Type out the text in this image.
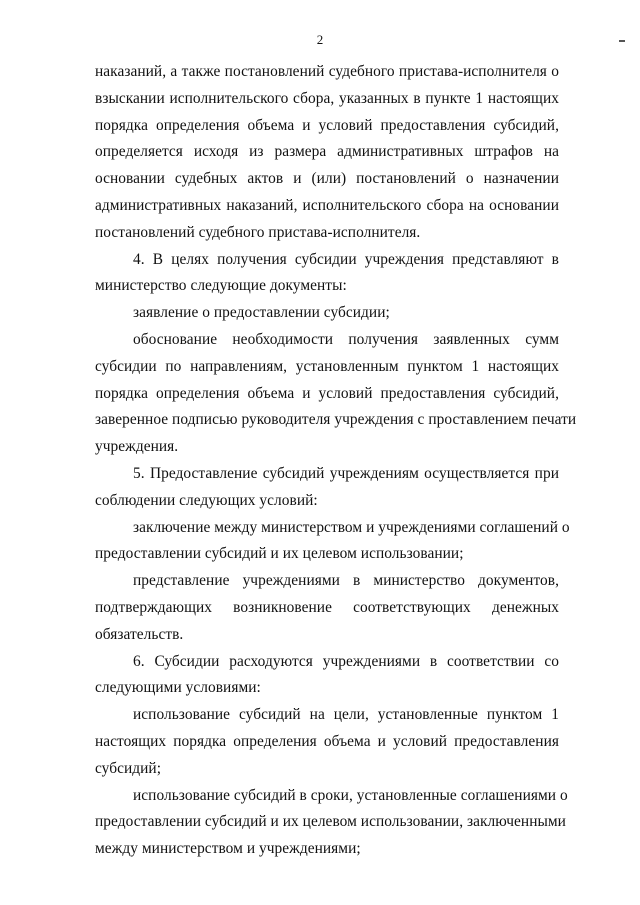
2

наказаний, а также постановлений судебного пристава-исполнителя о
взыскании исполнительского сбора, указанных в пункте 1 настоящих
порядка определения объема и условий предоставления субсидий,
определяется исходя из размера административных штрафов на
основании судебных актов и (или) постановлений о назначении
административных наказаний, исполнительского сбора на основании
постановлений судебного пристава-исполнителя.

4. В целях получения субсидии учреждения представляют в
министерство следующие документы:

заявление о предоставлении субсидии;

обоснование необходимости получения заявленных сумм
субсидии по направлениям, установленным пунктом 1 настоящих
порядка определения объема и условий предоставления субсидий,
заверенное подписью руководителя учреждения с проставлением печати
учреждения.

5. Предоставление субсидий учреждениям осуществляется при
соблюдении следующих условий:

заключение между министерством и учреждениями соглашений о
предоставлении субсидий и их целевом использовании;

представление учреждениями в министерство документов,
подтверждающих возникновение соответствующих денежных
обязательств.

6. Субсидии расходуются учреждениями в соответствии со
следующими условиями:

использование субсидий на цели, установленные пунктом 1
настоящих порядка определения объема и условий предоставления
субсидий;

использование субсидий в сроки, установленные соглашениями о
предоставлении субсидий и их целевом использовании, заключенными
между министерством и учреждениями;
